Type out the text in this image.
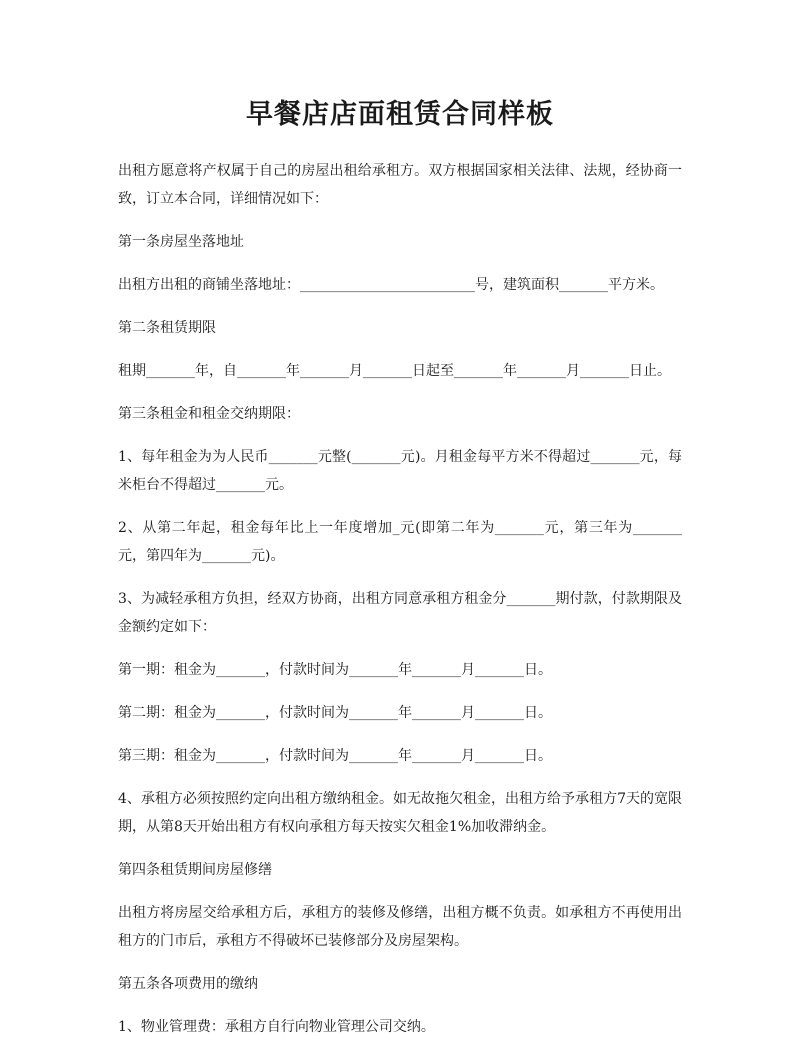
早餐店店面租赁合同样板

出租方愿意将产权属于自己的房屋出租给承租方。双方根据国家相关法律、法规，经协商一致，订立本合同，详细情况如下：

第一条房屋坐落地址

出租方出租的商铺坐落地址：_________________________号，建筑面积_______平方米。

第二条租赁期限

租期_______年，自_______年_______月_______日起至_______年_______月_______日止。

第三条租金和租金交纳期限：

1、每年租金为为人民币_______元整(_______元)。月租金每平方米不得超过_______元，每米柜台不得超过_______元。

2、从第二年起，租金每年比上一年度增加_元(即第二年为_______元，第三年为_______元，第四年为_______元)。

3、为减轻承租方负担，经双方协商，出租方同意承租方租金分_______期付款，付款期限及金额约定如下：

第一期：租金为_______，付款时间为_______年_______月_______日。

第二期：租金为_______，付款时间为_______年_______月_______日。

第三期：租金为_______，付款时间为_______年_______月_______日。

4、承租方必须按照约定向出租方缴纳租金。如无故拖欠租金，出租方给予承租方7天的宽限期，从第8天开始出租方有权向承租方每天按实欠租金1%加收滞纳金。

第四条租赁期间房屋修缮

出租方将房屋交给承租方后，承租方的装修及修缮，出租方概不负责。如承租方不再使用出租方的门市后，承租方不得破坏已装修部分及房屋架构。

第五条各项费用的缴纳

1、物业管理费：承租方自行向物业管理公司交纳。
